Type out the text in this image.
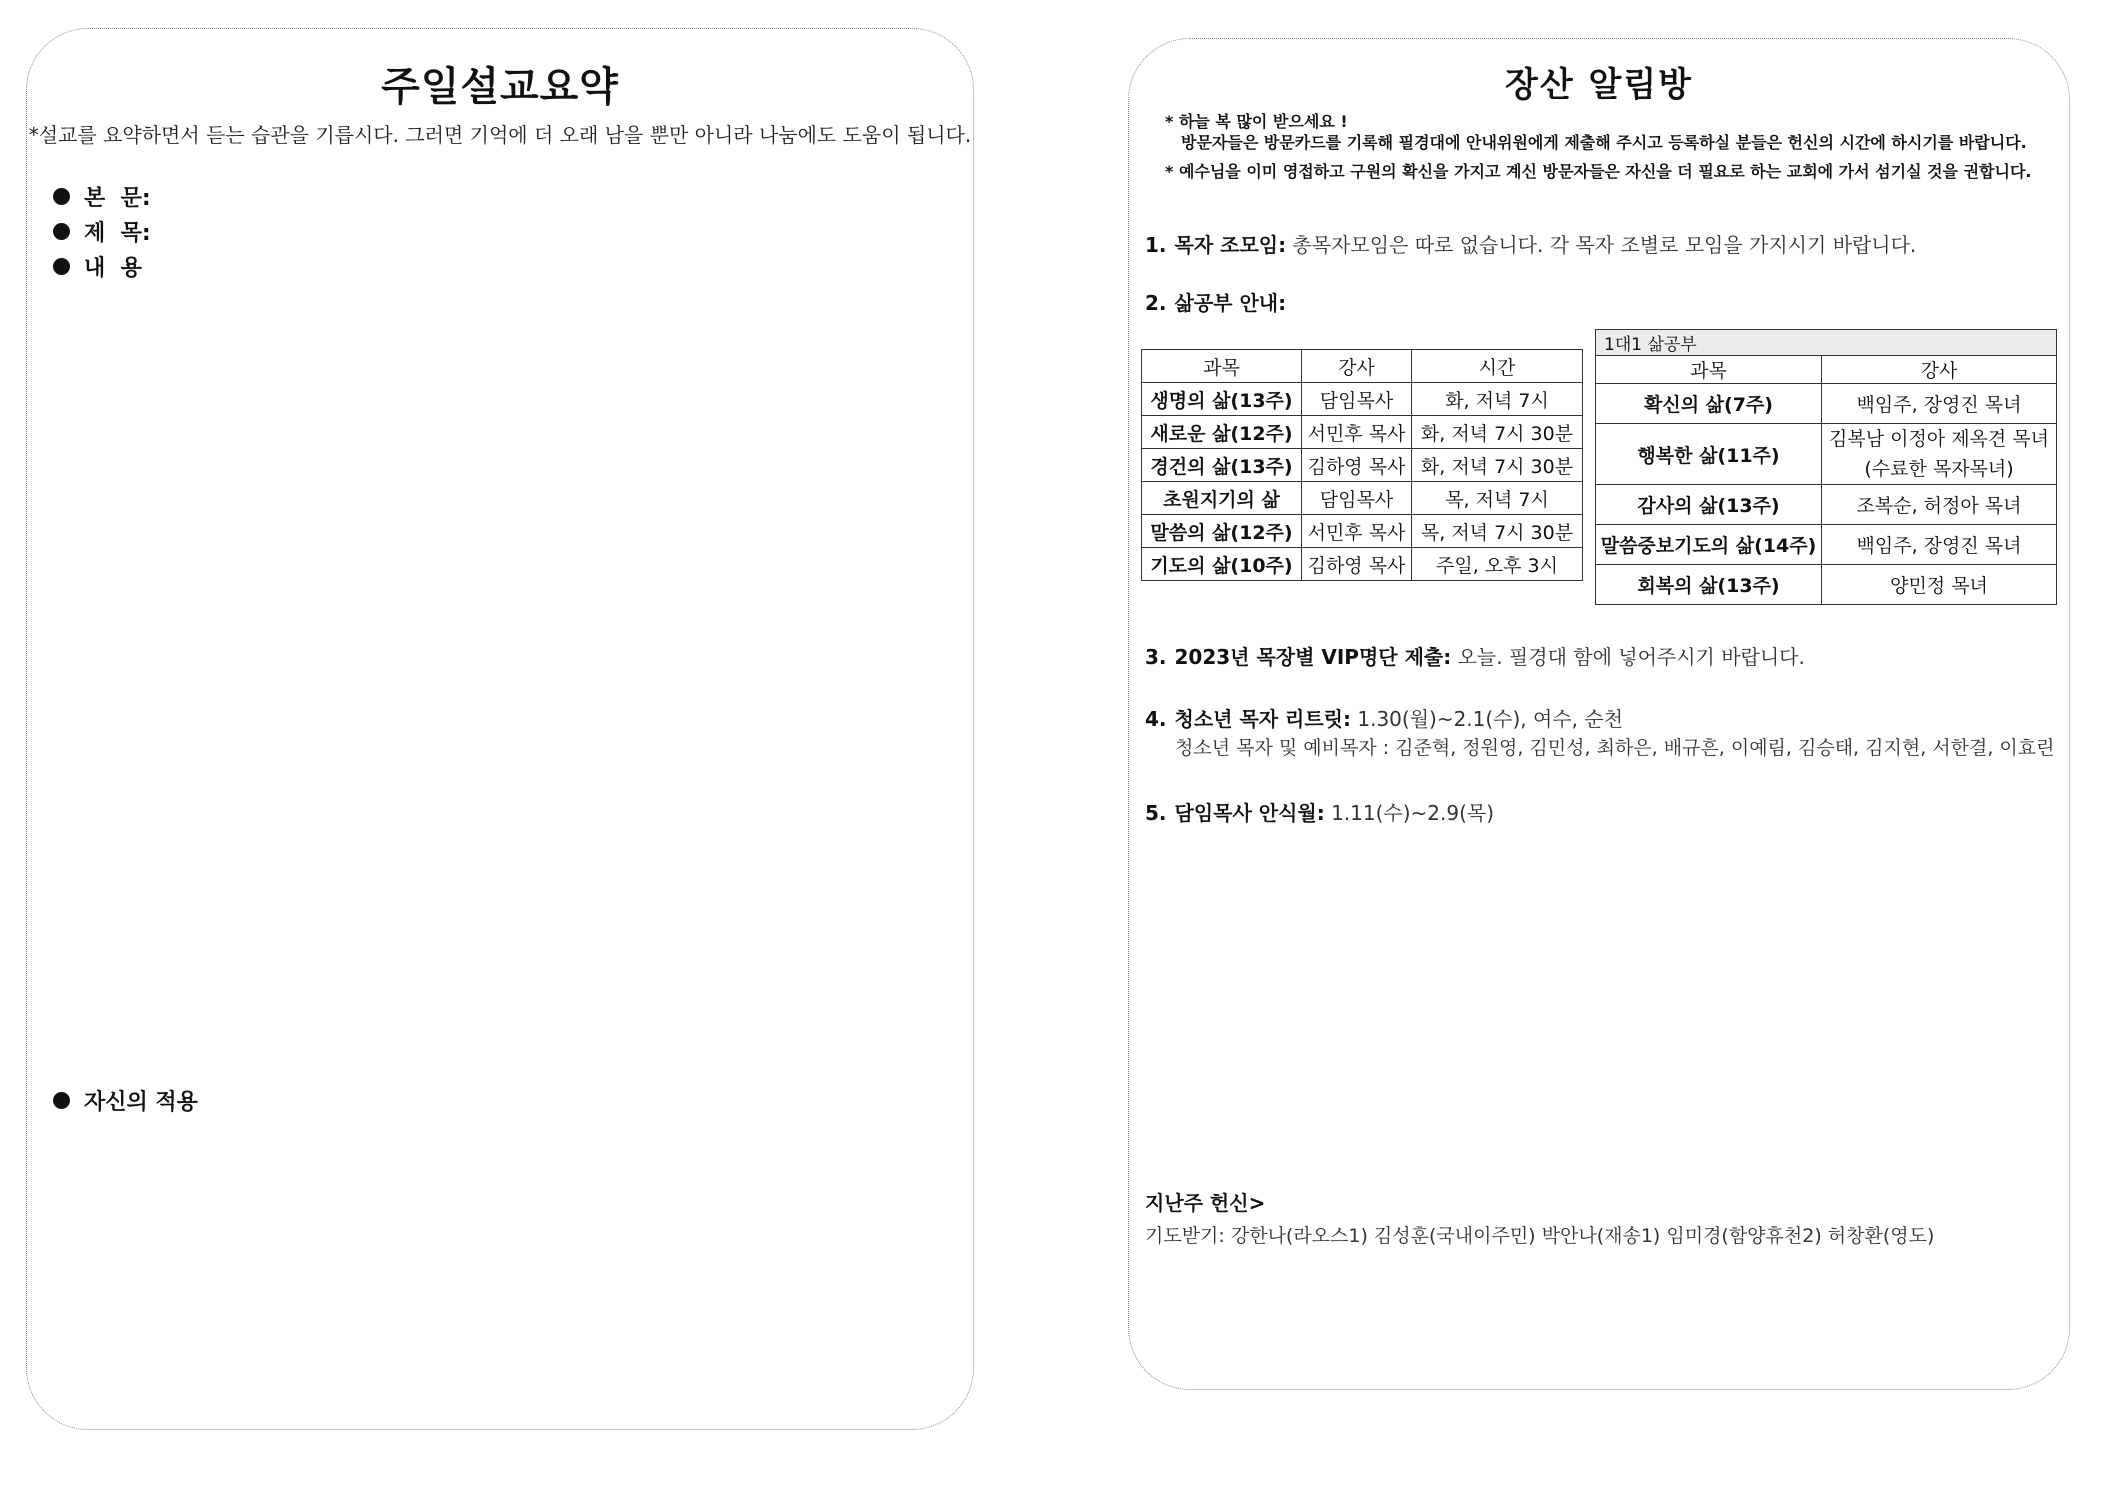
주일설교요약
*설교를 요약하면서 듣는 습관을 기릅시다. 그러면 기억에 더 오래 남을 뿐만 아니라 나눔에도 도움이 됩니다.
본  문:
제  목:
내  용
자신의 적용
장산 알림방
* 하늘 복 많이 받으세요 !
방문자들은 방문카드를 기록해 필경대에 안내위원에게 제출해 주시고 등록하실 분들은 헌신의 시간에 하시기를 바랍니다.
* 예수님을 이미 영접하고 구원의 확신을 가지고 계신 방문자들은 자신을 더 필요로 하는 교회에 가서 섬기실 것을 권합니다.
1. 목자 조모임: 총목자모임은 따로 없습니다. 각 목자 조별로 모임을 가지시기 바랍니다.
2. 삶공부 안내:
과목	강사	시간
생명의 삶(13주)	담임목사	화, 저녁 7시
새로운 삶(12주)	서민후 목사	화, 저녁 7시 30분
경건의 삶(13주)	김하영 목사	화, 저녁 7시 30분
초원지기의 삶	담임목사	목, 저녁 7시
말씀의 삶(12주)	서민후 목사	목, 저녁 7시 30분
기도의 삶(10주)	김하영 목사	주일, 오후 3시
1대1 삶공부	
과목	강사
확신의 삶(7주)	백임주, 장영진 목녀
행복한 삶(11주)	김복남 이정아 제옥견 목녀
(수료한 목자목녀)
감사의 삶(13주)	조복순, 허정아 목녀
말씀중보기도의 삶(14주)	백임주, 장영진 목녀
회복의 삶(13주)	양민정 목녀
3. 2023년 목장별 VIP명단 제출: 오늘. 필경대 함에 넣어주시기 바랍니다.
4. 청소년 목자 리트릿: 1.30(월)~2.1(수), 여수, 순천
청소년 목자 및 예비목자 : 김준혁, 정원영, 김민성, 최하은, 배규흔, 이예림, 김승태, 김지현, 서한결, 이효린
5. 담임목사 안식월: 1.11(수)~2.9(목)
지난주 헌신>
기도받기: 강한나(라오스1) 김성훈(국내이주민) 박안나(재송1) 임미경(함양휴천2) 허창환(영도)
